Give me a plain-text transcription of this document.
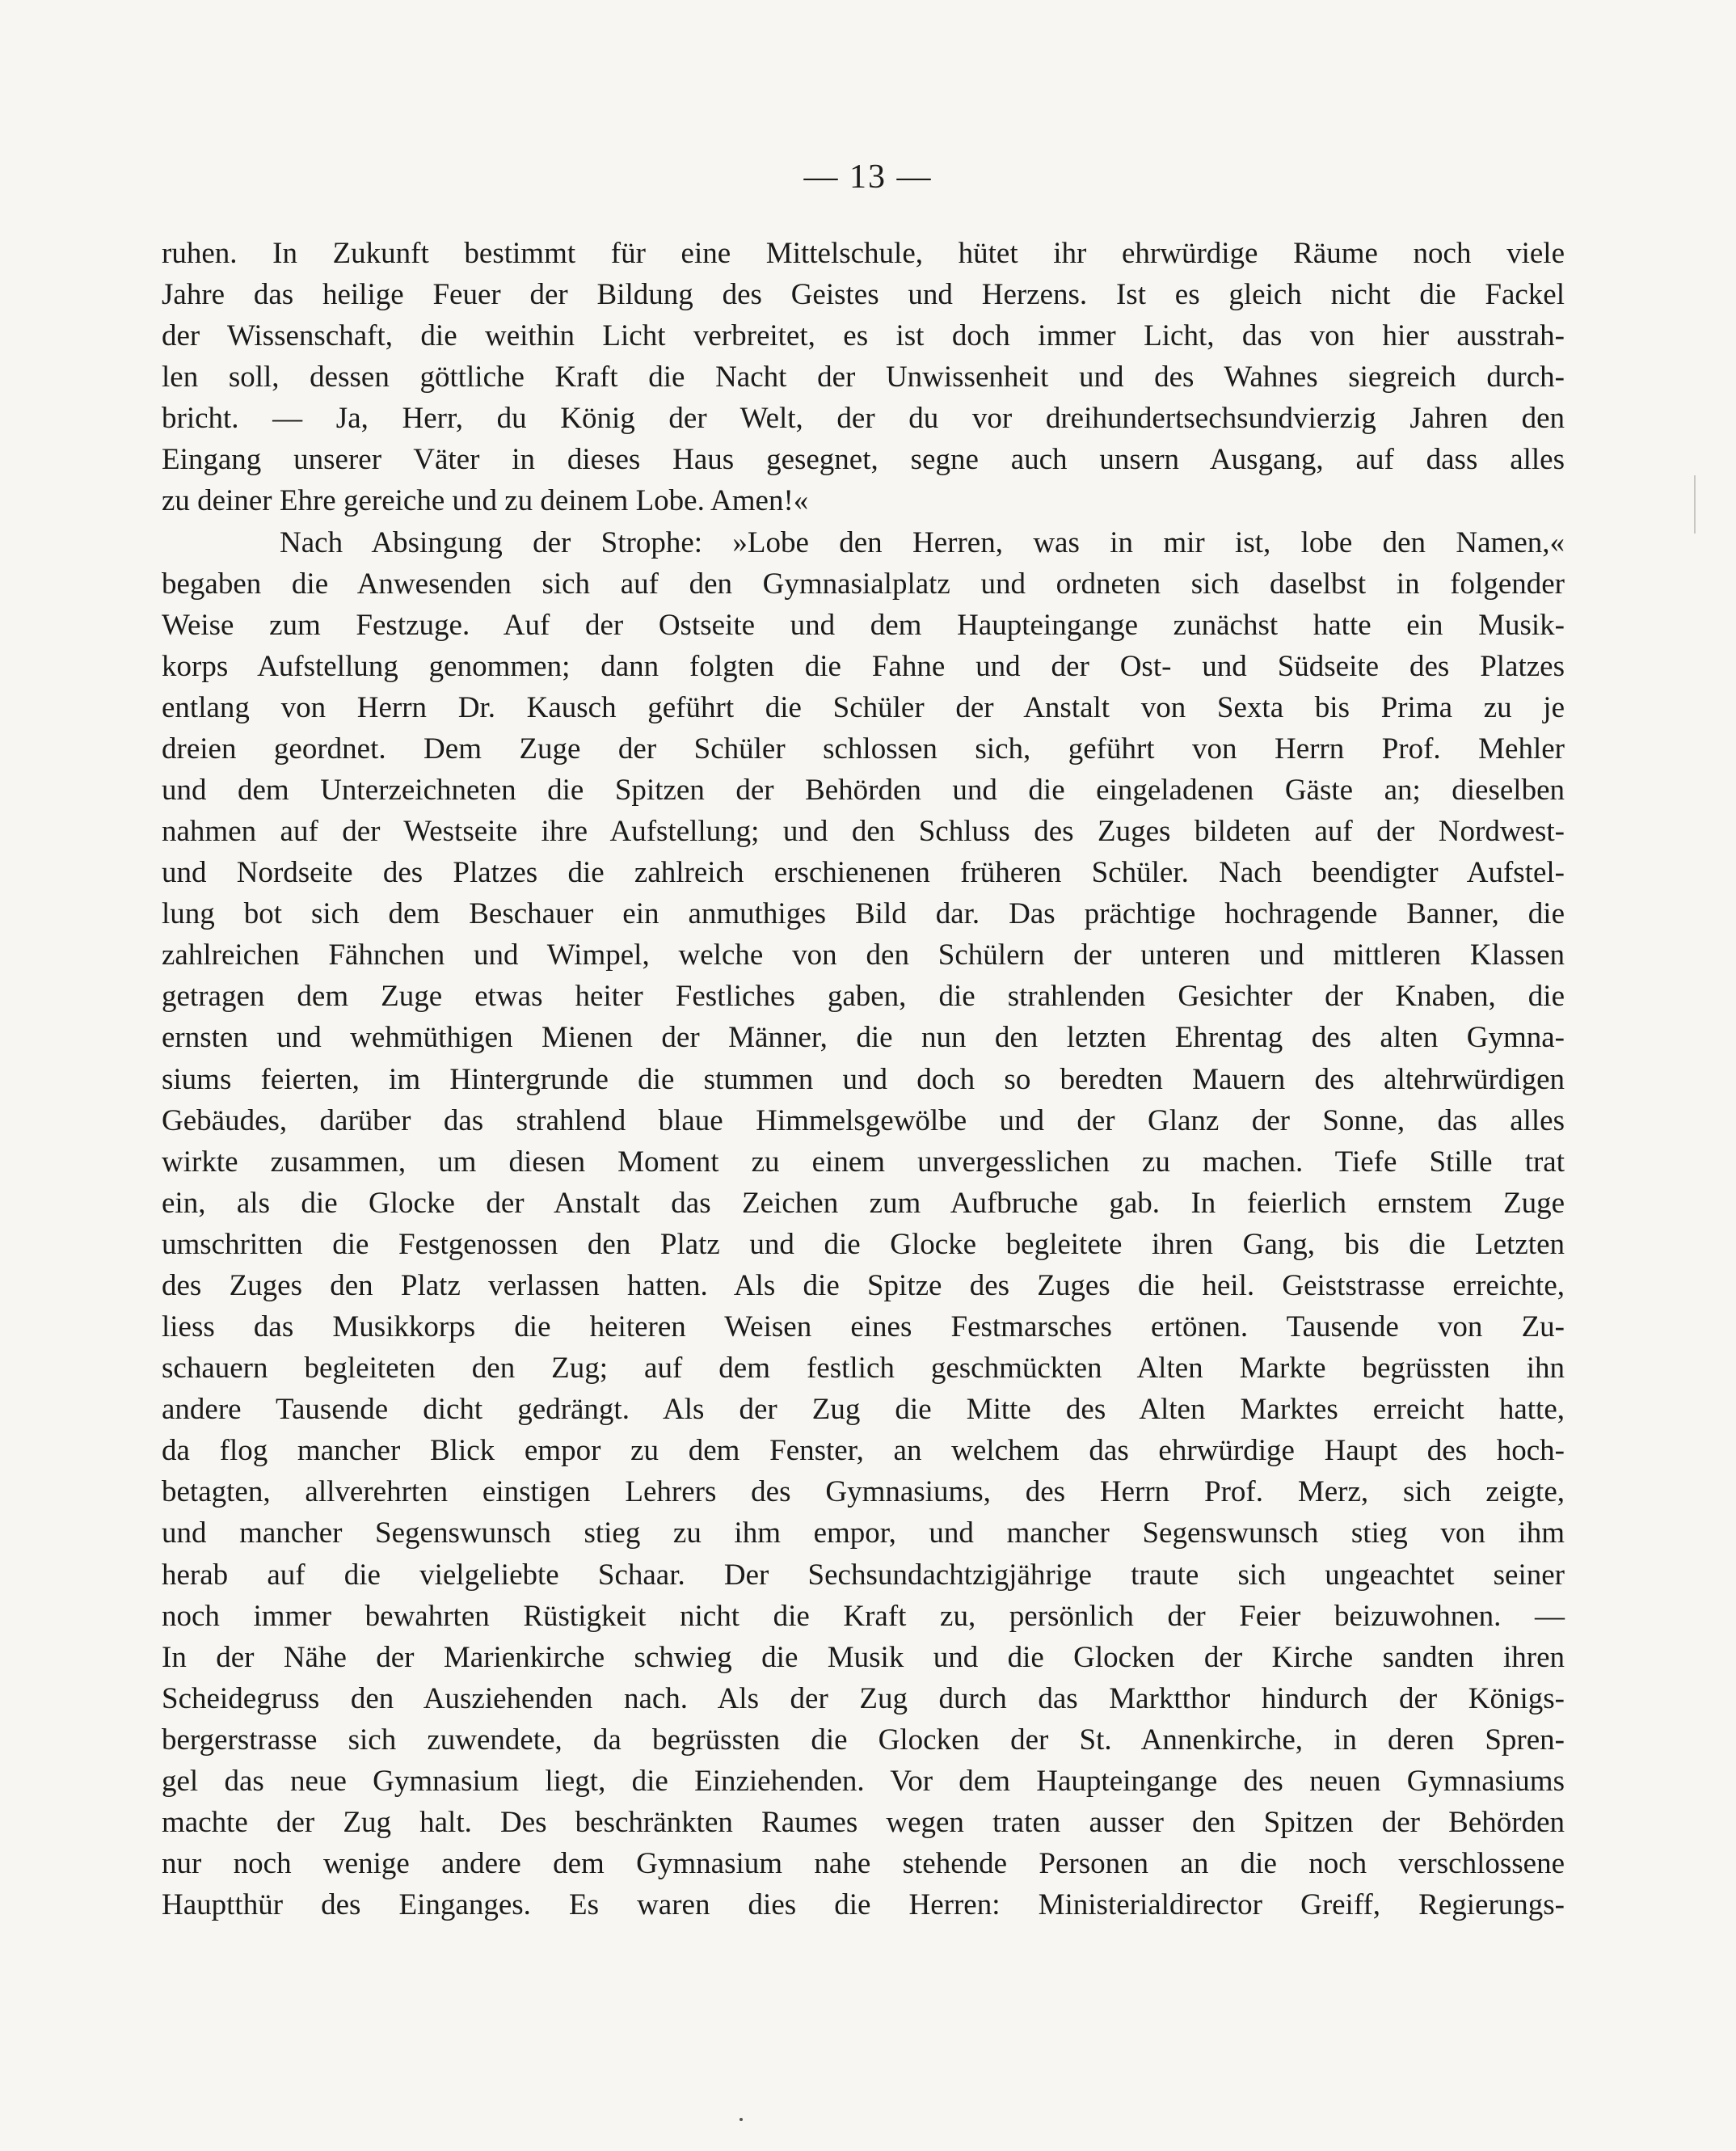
— 13 —
ruhen. In Zukunft bestimmt für eine Mittelschule, hütet ihr ehrwürdige Räume noch viele
Jahre das heilige Feuer der Bildung des Geistes und Herzens. Ist es gleich nicht die Fackel
der Wissenschaft, die weithin Licht verbreitet, es ist doch immer Licht, das von hier ausstrah-
len soll, dessen göttliche Kraft die Nacht der Unwissenheit und des Wahnes siegreich durch-
bricht. — Ja, Herr, du König der Welt, der du vor dreihundertsechsundvierzig Jahren den
Eingang unserer Väter in dieses Haus gesegnet, segne auch unsern Ausgang, auf dass alles
zu deiner Ehre gereiche und zu deinem Lobe. Amen!«
Nach Absingung der Strophe: »Lobe den Herren, was in mir ist, lobe den Namen,«
begaben die Anwesenden sich auf den Gymnasialplatz und ordneten sich daselbst in folgender
Weise zum Festzuge. Auf der Ostseite und dem Haupteingange zunächst hatte ein Musik-
korps Aufstellung genommen; dann folgten die Fahne und der Ost- und Südseite des Platzes
entlang von Herrn Dr. Kausch geführt die Schüler der Anstalt von Sexta bis Prima zu je
dreien geordnet. Dem Zuge der Schüler schlossen sich, geführt von Herrn Prof. Mehler
und dem Unterzeichneten die Spitzen der Behörden und die eingeladenen Gäste an; dieselben
nahmen auf der Westseite ihre Aufstellung; und den Schluss des Zuges bildeten auf der Nordwest-
und Nordseite des Platzes die zahlreich erschienenen früheren Schüler. Nach beendigter Aufstel-
lung bot sich dem Beschauer ein anmuthiges Bild dar. Das prächtige hochragende Banner, die
zahlreichen Fähnchen und Wimpel, welche von den Schülern der unteren und mittleren Klassen
getragen dem Zuge etwas heiter Festliches gaben, die strahlenden Gesichter der Knaben, die
ernsten und wehmüthigen Mienen der Männer, die nun den letzten Ehrentag des alten Gymna-
siums feierten, im Hintergrunde die stummen und doch so beredten Mauern des altehrwürdigen
Gebäudes, darüber das strahlend blaue Himmelsgewölbe und der Glanz der Sonne, das alles
wirkte zusammen, um diesen Moment zu einem unvergesslichen zu machen. Tiefe Stille trat
ein, als die Glocke der Anstalt das Zeichen zum Aufbruche gab. In feierlich ernstem Zuge
umschritten die Festgenossen den Platz und die Glocke begleitete ihren Gang, bis die Letzten
des Zuges den Platz verlassen hatten. Als die Spitze des Zuges die heil. Geiststrasse erreichte,
liess das Musikkorps die heiteren Weisen eines Festmarsches ertönen. Tausende von Zu-
schauern begleiteten den Zug; auf dem festlich geschmückten Alten Markte begrüssten ihn
andere Tausende dicht gedrängt. Als der Zug die Mitte des Alten Marktes erreicht hatte,
da flog mancher Blick empor zu dem Fenster, an welchem das ehrwürdige Haupt des hoch-
betagten, allverehrten einstigen Lehrers des Gymnasiums, des Herrn Prof. Merz, sich zeigte,
und mancher Segenswunsch stieg zu ihm empor, und mancher Segenswunsch stieg von ihm
herab auf die vielgeliebte Schaar. Der Sechsundachtzigjährige traute sich ungeachtet seiner
noch immer bewahrten Rüstigkeit nicht die Kraft zu, persönlich der Feier beizuwohnen. —
In der Nähe der Marienkirche schwieg die Musik und die Glocken der Kirche sandten ihren
Scheidegruss den Ausziehenden nach. Als der Zug durch das Marktthor hindurch der Königs-
bergerstrasse sich zuwendete, da begrüssten die Glocken der St. Annenkirche, in deren Spren-
gel das neue Gymnasium liegt, die Einziehenden. Vor dem Haupteingange des neuen Gymnasiums
machte der Zug halt. Des beschränkten Raumes wegen traten ausser den Spitzen der Behörden
nur noch wenige andere dem Gymnasium nahe stehende Personen an die noch verschlossene
Hauptthür des Einganges. Es waren dies die Herren: Ministerialdirector Greiff, Regierungs-
